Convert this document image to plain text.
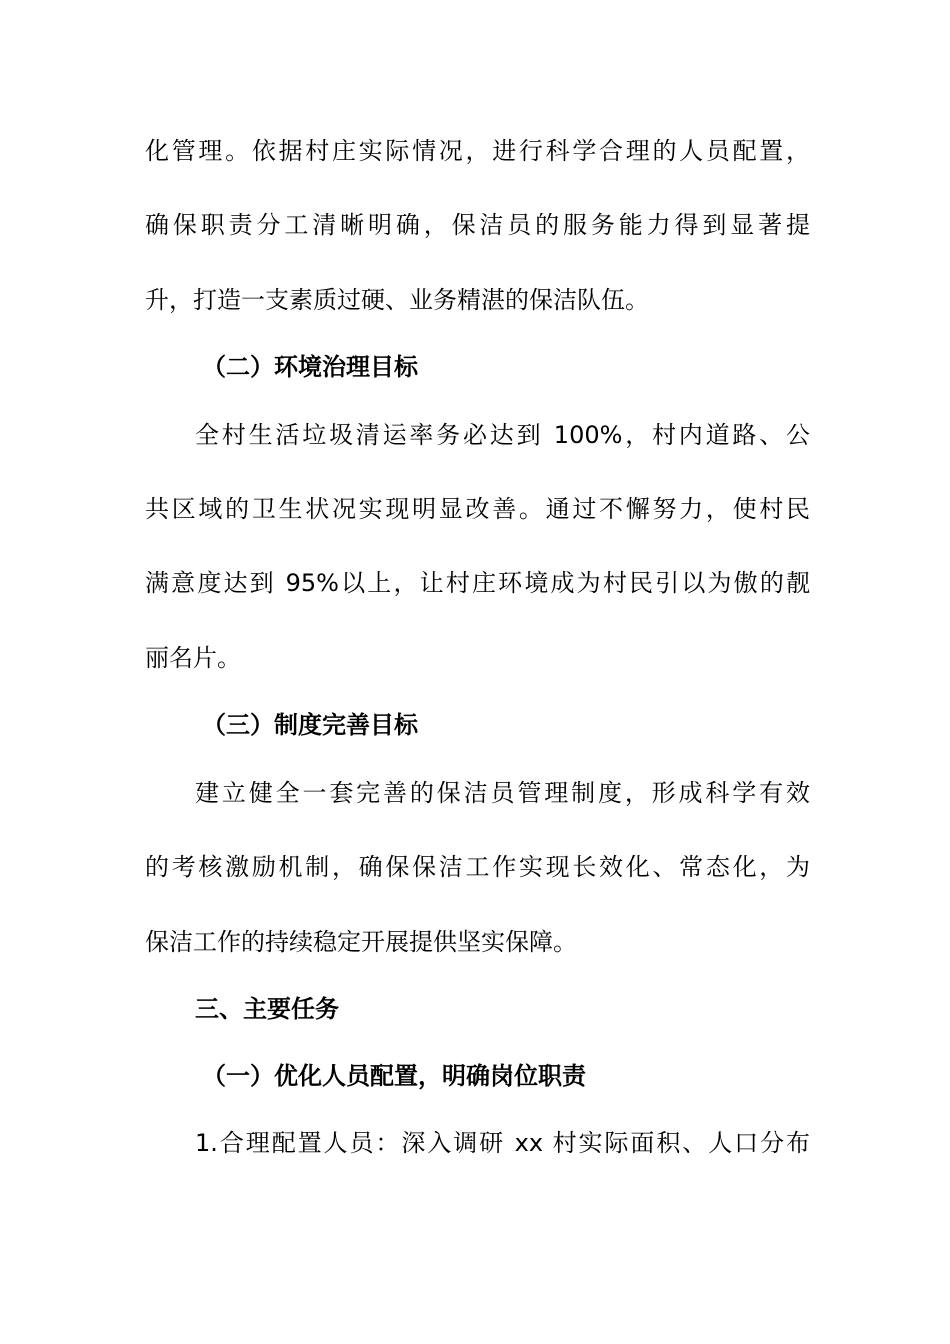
化管理。依据村庄实际情况，进行科学合理的人员配置，
确保职责分工清晰明确，保洁员的服务能力得到显著提
升，打造一支素质过硬、业务精湛的保洁队伍。
（二）环境治理目标
全村生活垃圾清运率务必达到 100%，村内道路、公
共区域的卫生状况实现明显改善。通过不懈努力，使村民
满意度达到 95%以上，让村庄环境成为村民引以为傲的靓
丽名片。
（三）制度完善目标
建立健全一套完善的保洁员管理制度，形成科学有效
的考核激励机制，确保保洁工作实现长效化、常态化，为
保洁工作的持续稳定开展提供坚实保障。
三、主要任务
（一）优化人员配置，明确岗位职责
1.合理配置人员：深入调研 xx 村实际面积、人口分布
